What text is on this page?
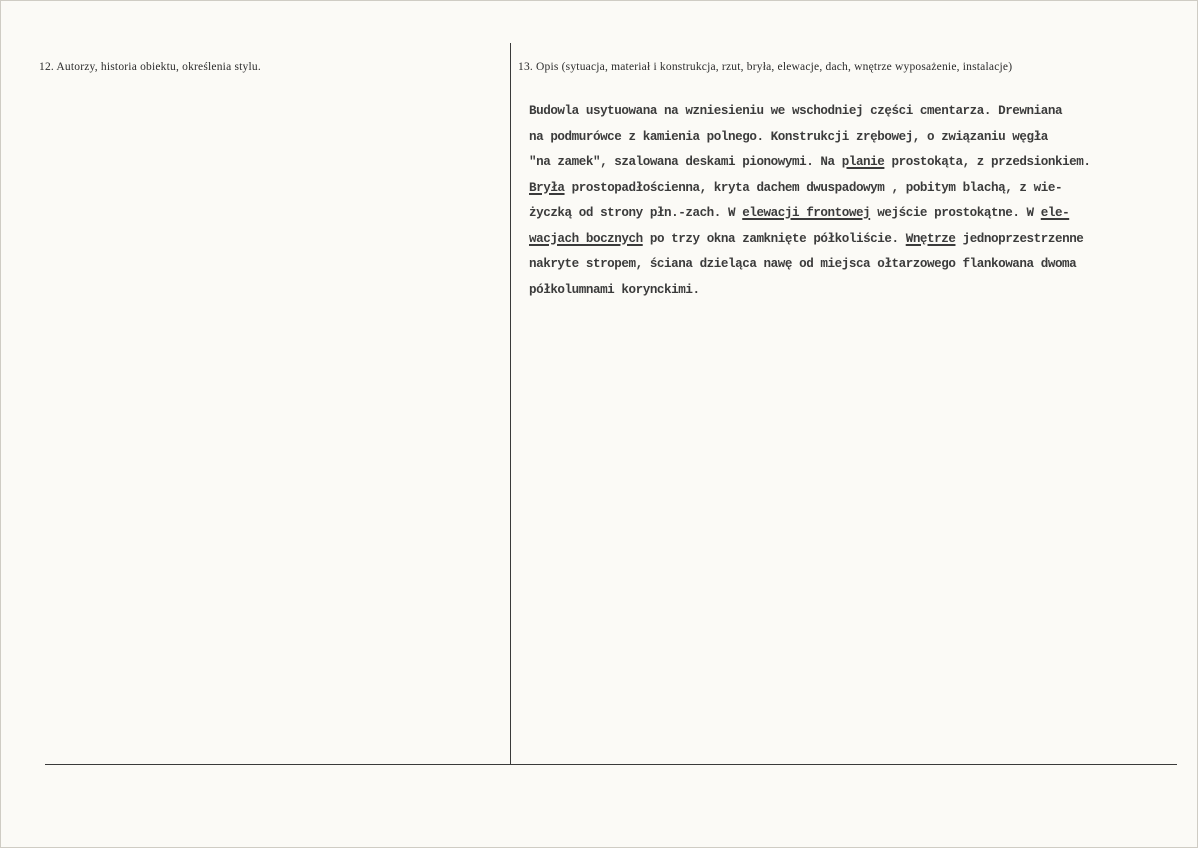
12. Autorzy, historia obiektu, określenia stylu.	13. Opis (sytuacja, materiał i konstrukcja, rzut, bryła, elewacje, dach, wnętrze wyposażenie, instalacje)
Budowla usytuowana na wzniesieniu we wschodniej części cmentarza. Drewniana
na podmurówce z kamienia polnego. Konstrukcji zrębowej, o związaniu węgła
"na zamek", szalowana deskami pionowymi. Na planie prostokąta, z przedsionkiem.
Bryła prostopadłościenna, kryta dachem dwuspadowym , pobitym blachą, z wie-
życzką od strony płn.-zach. W elewacji frontowej wejście prostokątne. W ele-
wacjach bocznych po trzy okna zamknięte półkoliście. Wnętrze jednoprzestrzenne
nakryte stropem, ściana dzieląca nawę od miejsca ołtarzowego flankowana dwoma
półkolumnami korynckimi.
